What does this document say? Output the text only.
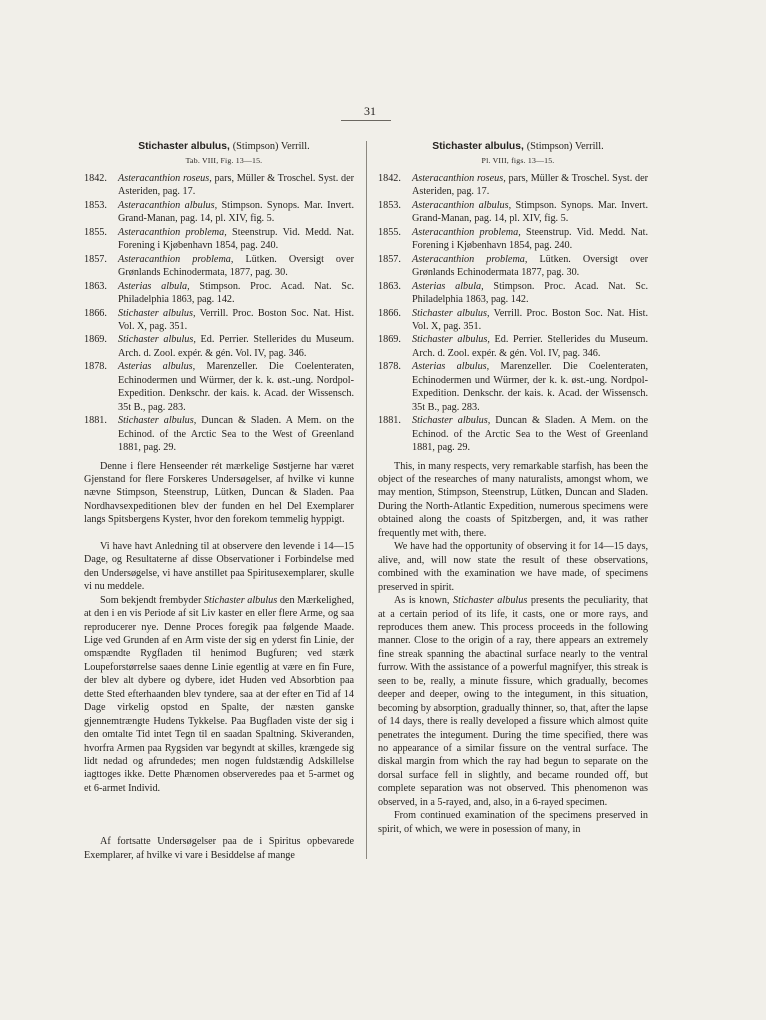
31
Stichaster albulus, (Stimpson) Verrill.
Tab. VIII, Fig. 13—15.
1842.	Asteracanthion roseus, pars, Müller & Troschel. Syst. der Asteriden, pag. 17.
1853.	Asteracanthion albulus, Stimpson. Synops. Mar. Invert. Grand-Manan, pag. 14, pl. XIV, fig. 5.
1855.	Asteracanthion problema, Steenstrup. Vid. Medd. Nat. Forening i Kjøbenhavn 1854, pag. 240.
1857.	Asteracanthion problema, Lütken. Oversigt over Grønlands Echinodermata, 1877, pag. 30.
1863.	Asterias albula, Stimpson. Proc. Acad. Nat. Sc. Philadelphia 1863, pag. 142.
1866.	Stichaster albulus, Verrill. Proc. Boston Soc. Nat. Hist. Vol. X, pag. 351.
1869.	Stichaster albulus, Ed. Perrier. Stellerides du Museum. Arch. d. Zool. expér. & gén. Vol. IV, pag. 346.
1878.	Asterias albulus, Marenzeller. Die Coelenteraten, Echinodermen und Würmer, der k. k. øst.-ung. Nordpol-Expedition. Denkschr. der kais. k. Acad. der Wissensch. 35t B., pag. 283.
1881.	Stichaster albulus, Duncan & Sladen. A Mem. on the Echinod. of the Arctic Sea to the West of Greenland 1881, pag. 29.

Denne i flere Henseender rét mærkelige Søstjerne har været Gjenstand for flere Forskeres Undersøgelser, af hvilke vi kunne nævne Stimpson, Steenstrup, Lütken, Duncan & Sladen. Paa Nordhavsexpeditionen blev der funden en hel Del Exemplarer langs Spitsbergens Kyster, hvor den forekom temmelig hyppigt.

Vi have havt Anledning til at observere den levende i 14—15 Dage, og Resultaterne af disse Observationer i Forbindelse med den Undersøgelse, vi have anstillet paa Spiritusexemplarer, skulle vi nu meddele.

Som bekjendt frembyder Stichaster albulus den Mærkelighed, at den i en vis Periode af sit Liv kaster en eller flere Arme, og saa reproducerer nye. Denne Proces foregik paa følgende Maade. Lige ved Grunden af en Arm viste der sig en yderst fin Linie, der omspændte Rygfladen til henimod Bugfuren; ved stærk Loupeforstørrelse saaes denne Linie egentlig at være en fin Fure, der blev alt dybere og dybere, idet Huden ved Absorbtion paa dette Sted efterhaanden blev tyndere, saa at der efter en Tid af 14 Dage virkelig opstod en Spalte, der næsten ganske gjennemtrængte Hudens Tykkelse. Paa Bugfladen viste der sig i den omtalte Tid intet Tegn til en saadan Spaltning. Skiveranden, hvorfra Armen paa Rygsiden var begyndt at skilles, krængede sig lidt nedad og afrundedes; men nogen fuldstændig Adskillelse iagttoges ikke. Dette Phænomen observeredes paa et 5-armet og et 6-armet Individ.

Af fortsatte Undersøgelser paa de i Spiritus opbevarede Exemplarer, af hvilke vi vare i Besiddelse af mange

Stichaster albulus, (Stimpson) Verrill.
Pl. VIII, figs. 13—15.
1842.	Asteracanthion roseus, pars, Müller & Troschel. Syst. der Asteriden, pag. 17.
1853.	Asteracanthion albulus, Stimpson. Synops. Mar. Invert. Grand-Manan, pag. 14, pl. XIV, fig. 5.
1855.	Asteracanthion problema, Steenstrup. Vid. Medd. Nat. Forening i Kjøbenhavn 1854, pag. 240.
1857.	Asteracanthion problema, Lütken. Oversigt over Grønlands Echinodermata 1877, pag. 30.
1863.	Asterias albula, Stimpson. Proc. Acad. Nat. Sc. Philadelphia 1863, pag. 142.
1866.	Stichaster albulus, Verrill. Proc. Boston Soc. Nat. Hist. Vol. X, pag. 351.
1869.	Stichaster albulus, Ed. Perrier. Stellerides du Museum. Arch. d. Zool. expér. & gén. Vol. IV, pag. 346.
1878.	Asterias albulus, Marenzeller. Die Coelenteraten, Echinodermen und Würmer, der k. k. øst.-ung. Nordpol-Expedition. Denkschr. der kais. k. Acad. der Wissensch. 35t B., pag. 283.
1881.	Stichaster albulus, Duncan & Sladen. A Mem. on the Echinod. of the Arctic Sea to the West of Greenland 1881, pag. 29.

This, in many respects, very remarkable starfish, has been the object of the researches of many naturalists, amongst whom, we may mention, Stimpson, Steenstrup, Lütken, Duncan and Sladen. During the North-Atlantic Expedition, numerous specimens were obtained along the coasts of Spitzbergen, and, it was rather frequently met with, there.

We have had the opportunity of observing it for 14—15 days, alive, and, will now state the result of these observations, combined with the examination we have made, of specimens preserved in spirit.

As is known, Stichaster albulus presents the peculiarity, that at a certain period of its life, it casts, one or more rays, and reproduces them anew. This process proceeds in the following manner. Close to the origin of a ray, there appears an extremely fine streak spanning the abactinal surface nearly to the ventral furrow. With the assistance of a powerful magnifyer, this streak is seen to be, really, a minute fissure, which gradually, becomes deeper and deeper, owing to the integument, in this situation, becoming by absorption, gradually thinner, so, that, after the lapse of 14 days, there is really developed a fissure which almost quite penetrates the integument. During the time specified, there was no appearance of a similar fissure on the ventral surface. The diskal margin from which the ray had begun to separate on the dorsal surface fell in slightly, and became rounded off, but complete separation was not observed. This phenomenon was observed, in a 5-rayed, and, also, in a 6-rayed specimen.

From continued examination of the specimens preserved in spirit, of which, we were in posession of many, in
